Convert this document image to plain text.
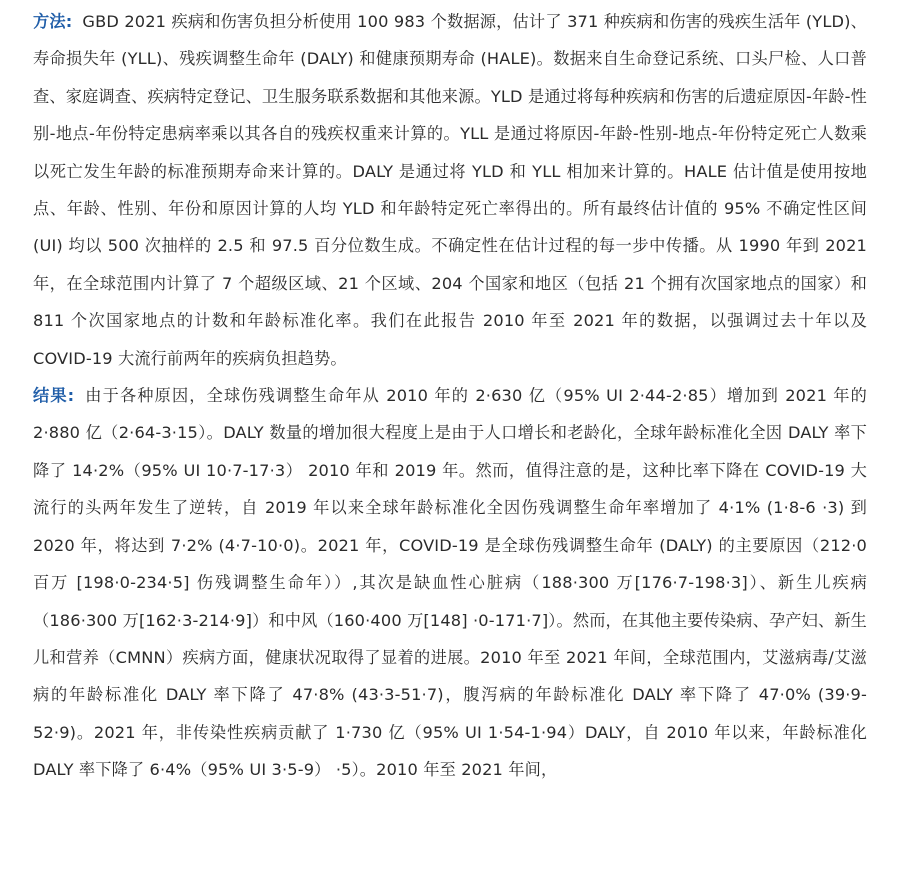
方法: GBD 2021 疾病和伤害负担分析使用 100 983 个数据源，估计了 371 种疾病和伤害的残疾生活年 (YLD)、寿命损失年 (YLL)、残疾调整生命年 (DALY) 和健康预期寿命 (HALE)。数据来自生命登记系统、口头尸检、人口普查、家庭调查、疾病特定登记、卫生服务联系数据和其他来源。YLD 是通过将每种疾病和伤害的后遗症原因-年龄-性别-地点-年份特定患病率乘以其各自的残疾权重来计算的。YLL 是通过将原因-年龄-性别-地点-年份特定死亡人数乘以死亡发生年龄的标准预期寿命来计算的。DALY 是通过将 YLD 和 YLL 相加来计算的。HALE 估计值是使用按地点、年龄、性别、年份和原因计算的人均 YLD 和年龄特定死亡率得出的。所有最终估计值的 95% 不确定性区间 (UI) 均以 500 次抽样的 2.5 和 97.5 百分位数生成。不确定性在估计过程的每一步中传播。从 1990 年到 2021 年，在全球范围内计算了 7 个超级区域、21 个区域、204 个国家和地区（包括 21 个拥有次国家地点的国家）和 811 个次国家地点的计数和年龄标准化率。我们在此报告 2010 年至 2021 年的数据，以强调过去十年以及 COVID-19 大流行前两年的疾病负担趋势。

结果: 由于各种原因，全球伤残调整生命年从 2010 年的 2·630 亿（95% UI 2·44-2·85）增加到 2021 年的 2·880 亿（2·64-3·15）。DALY 数量的增加很大程度上是由于人口增长和老龄化，全球年龄标准化全因 DALY 率下降了 14·2%（95% UI 10·7-17·3） 2010 年和 2019 年。然而，值得注意的是，这种比率下降在 COVID-19 大流行的头两年发生了逆转，自 2019 年以来全球年龄标准化全因伤残调整生命年率增加了 4·1% (1·8-6 ·3) 到 2020 年，将达到 7·2% (4·7-10·0)。2021 年，COVID-19 是全球伤残调整生命年 (DALY) 的主要原因（212·0 百万 [198·0-234·5] 伤残调整生命年））,其次是缺血性心脏病（188·300 万[176·7-198·3]）、新生儿疾病（186·300 万[162·3-214·9]）和中风（160·400 万[148] ·0-171·7]）。然而，在其他主要传染病、孕产妇、新生儿和营养（CMNN）疾病方面，健康状况取得了显着的进展。2010 年至 2021 年间，全球范围内，艾滋病毒/艾滋病的年龄标准化 DALY 率下降了 47·8% (43·3-51·7)，腹泻病的年龄标准化 DALY 率下降了 47·0% (39·9-52·9)。2021 年，非传染性疾病贡献了 1·730 亿（95% UI 1·54-1·94）DALY，自 2010 年以来，年龄标准化 DALY 率下降了 6·4%（95% UI 3·5-9） ·5）。2010 年至 2021 年间，
